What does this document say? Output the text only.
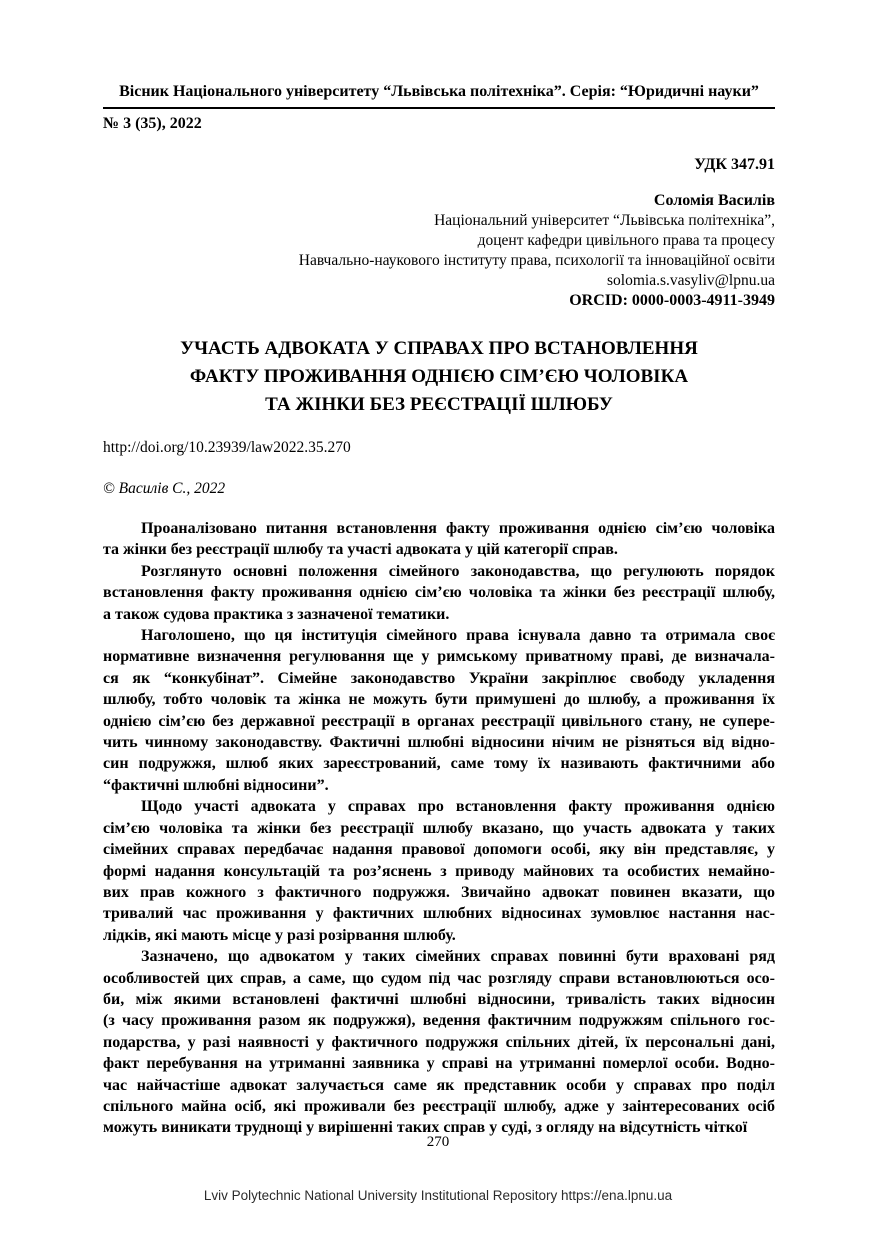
Вісник Національного університету “Львівська політехніка”. Серія: “Юридичні науки”
№ 3 (35), 2022
УДК 347.91
Соломія Василів
Національний університет “Львівська політехніка”,
доцент кафедри цивільного права та процесу
Навчально-наукового інституту права, психології та інноваційної освіти
solomia.s.vasyliv@lpnu.ua
ORCID: 0000-0003-4911-3949
УЧАСТЬ АДВОКАТА У СПРАВАХ ПРО ВСТАНОВЛЕННЯ
ФАКТУ ПРОЖИВАННЯ ОДНІЄЮ СІМ’ЄЮ ЧОЛОВІКА
ТА ЖІНКИ БЕЗ РЕЄСТРАЦІЇ ШЛЮБУ
http://doi.org/10.23939/law2022.35.270
© Василів С., 2022
Проаналізовано питання встановлення факту проживання однією сім’єю чоловіка
та жінки без реєстрації шлюбу та участі адвоката у цій категорії справ.
Розглянуто основні положення сімейного законодавства, що регулюють порядок
встановлення факту проживання однією сім’єю чоловіка та жінки без реєстрації шлюбу,
а також судова практика з зазначеної тематики.
Наголошено, що ця інституція сімейного права існувала давно та отримала своє
нормативне визначення регулювання ще у римському приватному праві, де визначала-
ся як “конкубінат”. Сімейне законодавство України закріплює свободу укладення
шлюбу, тобто чоловік та жінка не можуть бути примушені до шлюбу, а проживання їх
однією сім’єю без державної реєстрації в органах реєстрації цивільного стану, не супере-
чить чинному законодавству. Фактичні шлюбні відносини нічим не різняться від відно-
син подружжя, шлюб яких зареєстрований, саме тому їх називають фактичними або
“фактичні шлюбні відносини”.
Щодо участі адвоката у справах про встановлення факту проживання однією
сім’єю чоловіка та жінки без реєстрації шлюбу вказано, що участь адвоката у таких
сімейних справах передбачає надання правової допомоги особі, яку він представляє, у
формі надання консультацій та роз’яснень з приводу майнових та особистих немайно-
вих прав кожного з фактичного подружжя. Звичайно адвокат повинен вказати, що
тривалий час проживання у фактичних шлюбних відносинах зумовлює настання нас-
лідків, які мають місце у разі розірвання шлюбу.
Зазначено, що адвокатом у таких сімейних справах повинні бути враховані ряд
особливостей цих справ, а саме, що судом під час розгляду справи встановлюються осо-
би, між якими встановлені фактичні шлюбні відносини, тривалість таких відносин
(з часу проживання разом як подружжя), ведення фактичним подружжям спільного гос-
подарства, у разі наявності у фактичного подружжя спільних дітей, їх персональні дані,
факт перебування на утриманні заявника у справі на утриманні померлої особи. Водно-
час найчастіше адвокат залучається саме як представник особи у справах про поділ
спільного майна осіб, які проживали без реєстрації шлюбу, адже у заінтересованих осіб
можуть виникати труднощі у вирішенні таких справ у суді, з огляду на відсутність чіткої
270
Lviv Polytechnic National University Institutional Repository https://ena.lpnu.ua
